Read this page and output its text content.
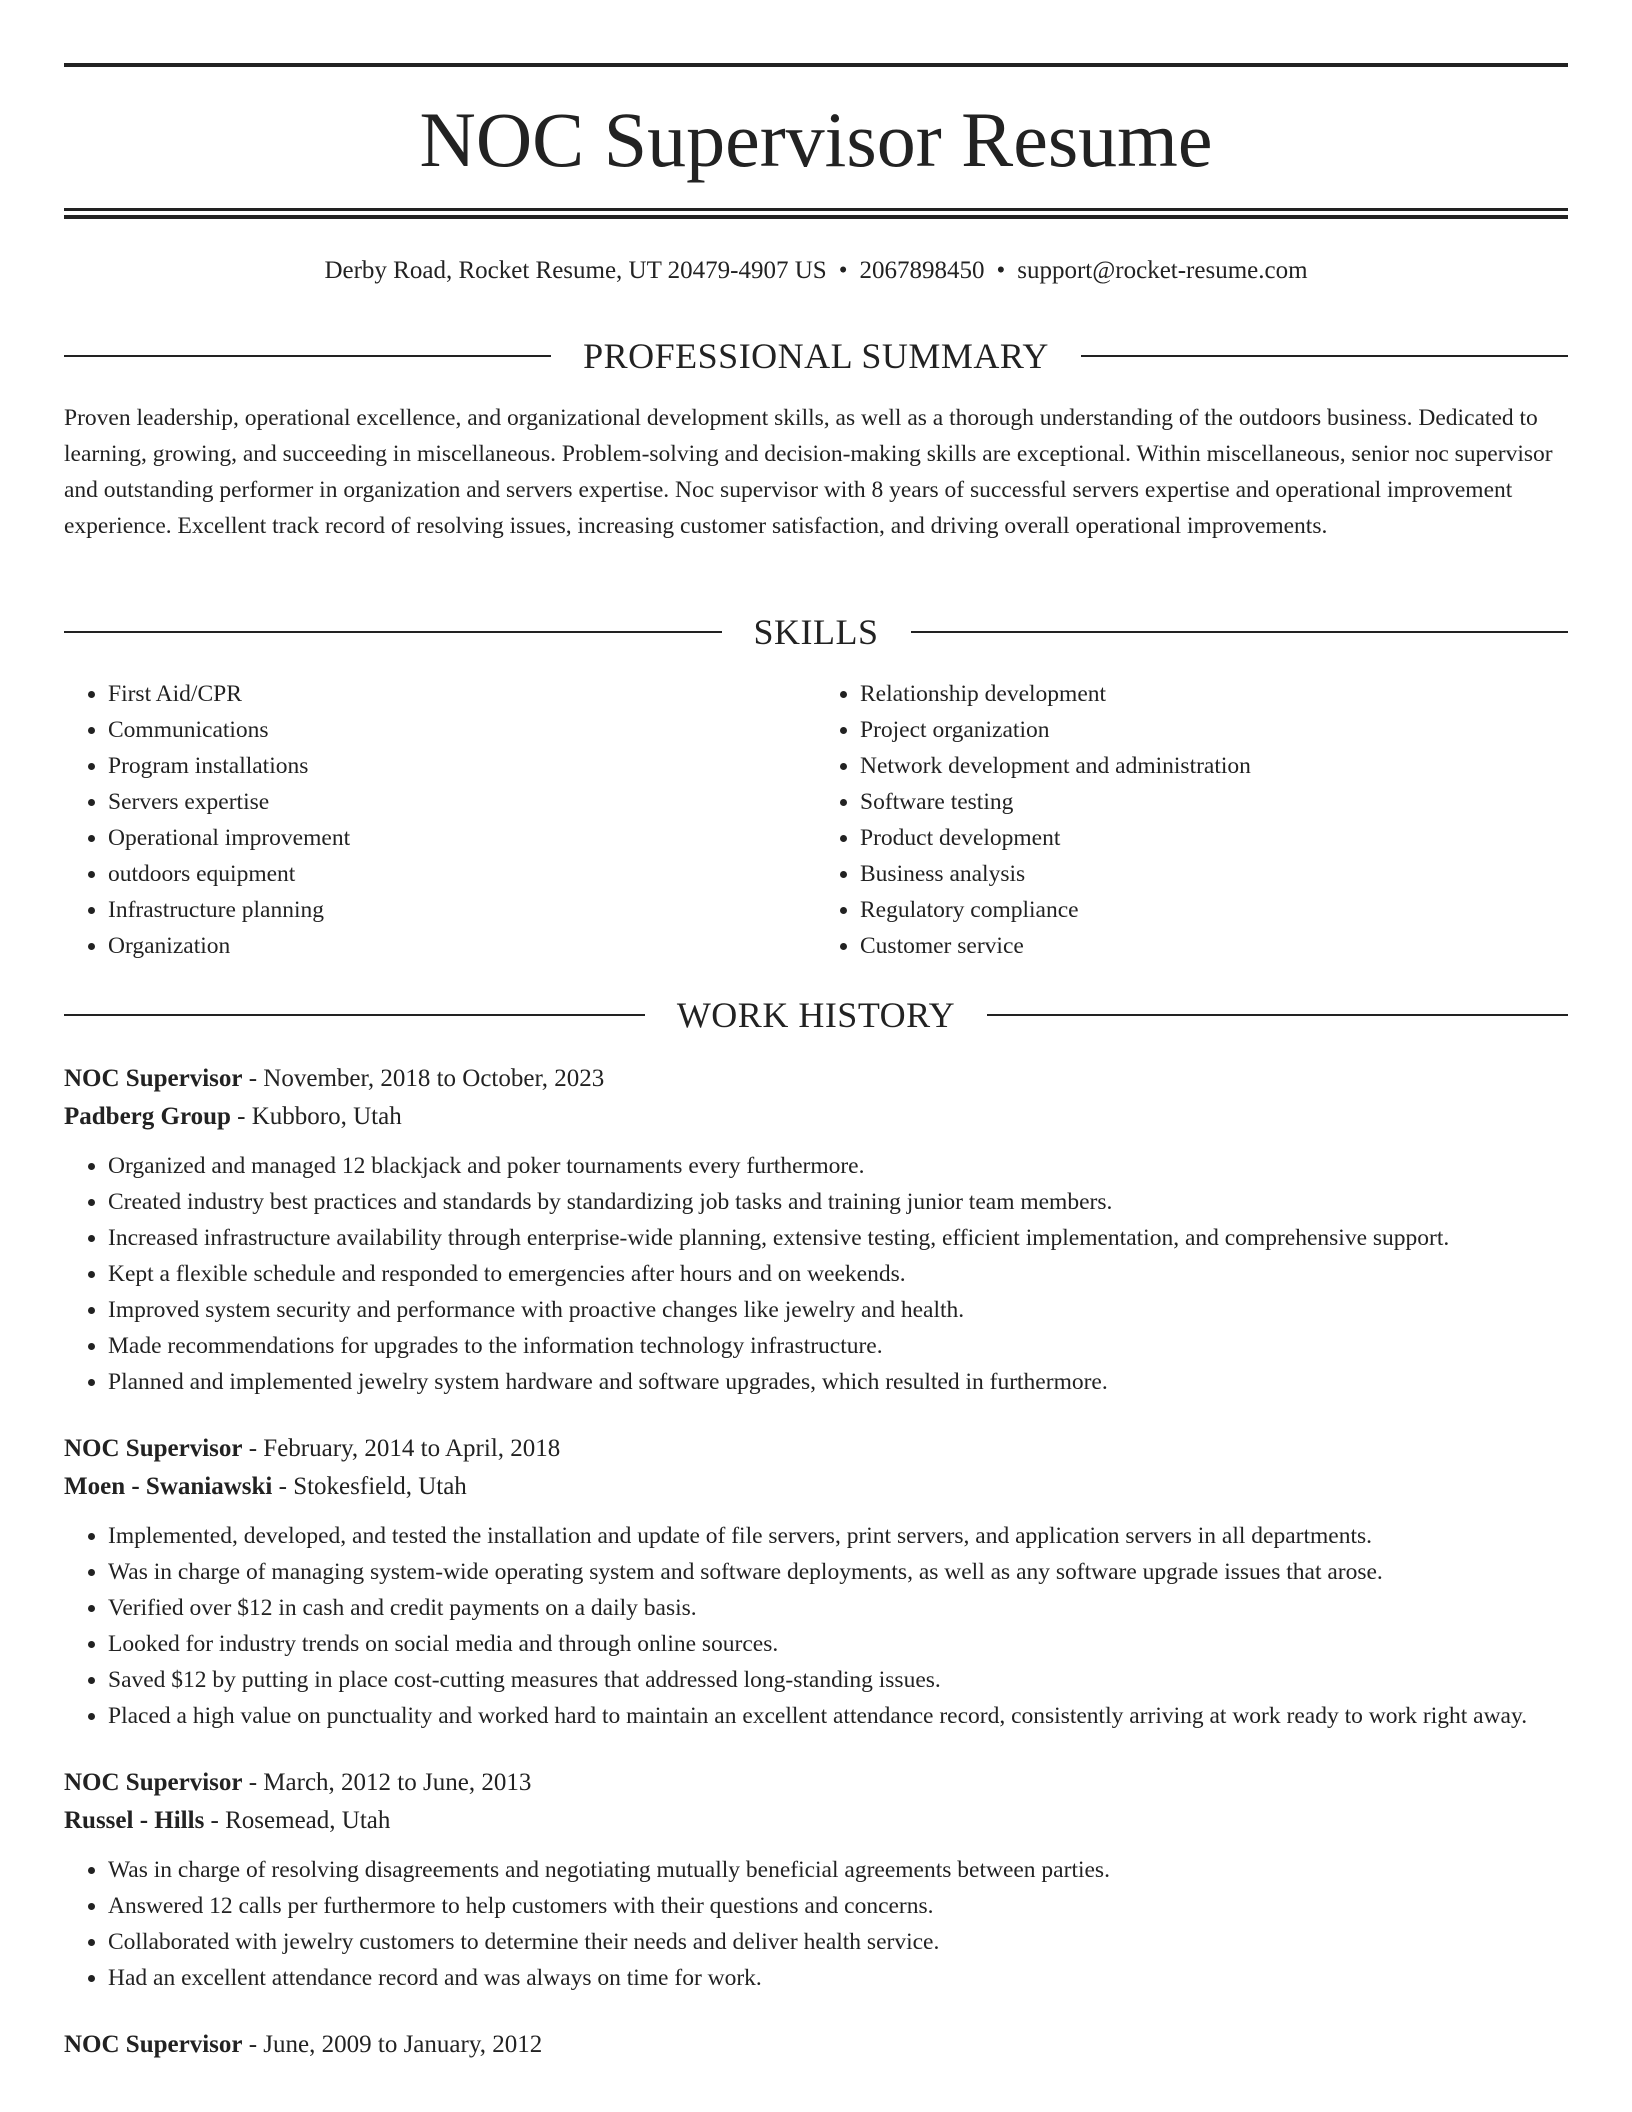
NOC Supervisor Resume
Derby Road, Rocket Resume, UT 20479-4907 US • 2067898450 • support@rocket-resume.com
PROFESSIONAL SUMMARY

Proven leadership, operational excellence, and organizational development skills, as well as a thorough understanding of the outdoors business. Dedicated to learning, growing, and succeeding in miscellaneous. Problem-solving and decision-making skills are exceptional. Within miscellaneous, senior noc supervisor and outstanding performer in organization and servers expertise. Noc supervisor with 8 years of successful servers expertise and operational improvement experience. Excellent track record of resolving issues, increasing customer satisfaction, and driving overall operational improvements.

SKILLS
• First Aid/CPR
• Communications
• Program installations
• Servers expertise
• Operational improvement
• outdoors equipment
• Infrastructure planning
• Organization
• Relationship development
• Project organization
• Network development and administration
• Software testing
• Product development
• Business analysis
• Regulatory compliance
• Customer service
WORK HISTORY

NOC Supervisor - November, 2018 to October, 2023

Padberg Group - Kubboro, Utah

• Organized and managed 12 blackjack and poker tournaments every furthermore.
• Created industry best practices and standards by standardizing job tasks and training junior team members.
• Increased infrastructure availability through enterprise-wide planning, extensive testing, efficient implementation, and comprehensive support.
• Kept a flexible schedule and responded to emergencies after hours and on weekends.
• Improved system security and performance with proactive changes like jewelry and health.
• Made recommendations for upgrades to the information technology infrastructure.
• Planned and implemented jewelry system hardware and software upgrades, which resulted in furthermore.

NOC Supervisor - February, 2014 to April, 2018

Moen - Swaniawski - Stokesfield, Utah

• Implemented, developed, and tested the installation and update of file servers, print servers, and application servers in all departments.
• Was in charge of managing system-wide operating system and software deployments, as well as any software upgrade issues that arose.
• Verified over $12 in cash and credit payments on a daily basis.
• Looked for industry trends on social media and through online sources.
• Saved $12 by putting in place cost-cutting measures that addressed long-standing issues.
• Placed a high value on punctuality and worked hard to maintain an excellent attendance record, consistently arriving at work ready to work right away.

NOC Supervisor - March, 2012 to June, 2013

Russel - Hills - Rosemead, Utah

• Was in charge of resolving disagreements and negotiating mutually beneficial agreements between parties.
• Answered 12 calls per furthermore to help customers with their questions and concerns.
• Collaborated with jewelry customers to determine their needs and deliver health service.
• Had an excellent attendance record and was always on time for work.

NOC Supervisor - June, 2009 to January, 2012
